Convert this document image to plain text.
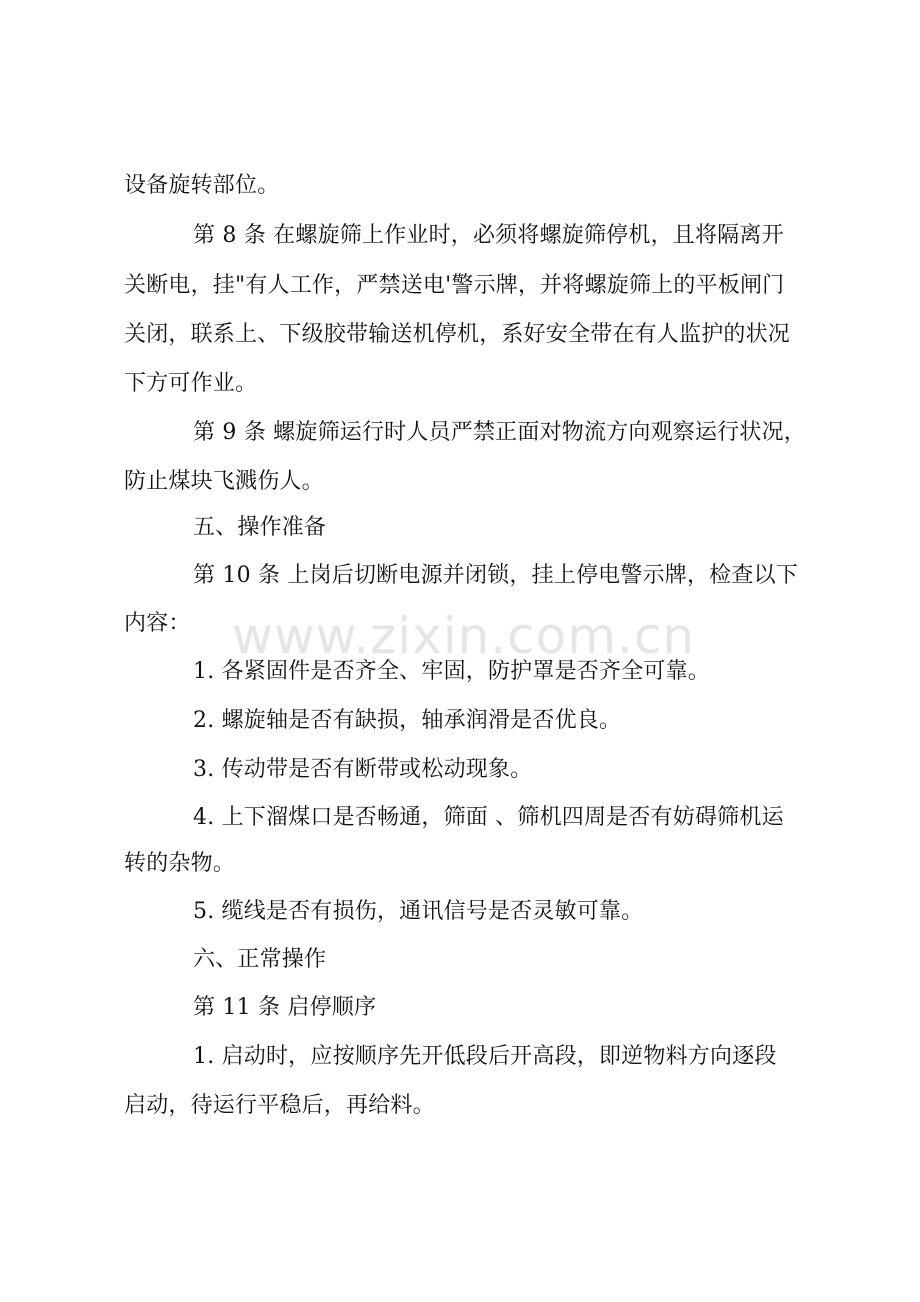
设备旋转部位。
第 8 条 在螺旋筛上作业时，必须将螺旋筛停机，且将隔离开
关断电，挂"有人工作，严禁送电'警示牌，并将螺旋筛上的平板闸门
关闭，联系上、下级胶带输送机停机，系好安全带在有人监护的状况
下方可作业。
第 9 条 螺旋筛运行时人员严禁正面对物流方向观察运行状况，
防止煤块飞溅伤人。
五、操作准备
第 10 条 上岗后切断电源并闭锁，挂上停电警示牌，检查以下
内容：
1. 各紧固件是否齐全、牢固，防护罩是否齐全可靠。
2. 螺旋轴是否有缺损，轴承润滑是否优良。
3. 传动带是否有断带或松动现象。
4. 上下溜煤口是否畅通，筛面 、筛机四周是否有妨碍筛机运
转的杂物。
5. 缆线是否有损伤，通讯信号是否灵敏可靠。
六、正常操作
第 11 条 启停顺序
1. 启动时，应按顺序先开低段后开高段，即逆物料方向逐段
启动，待运行平稳后，再给料。
www.zixin.com.cn
